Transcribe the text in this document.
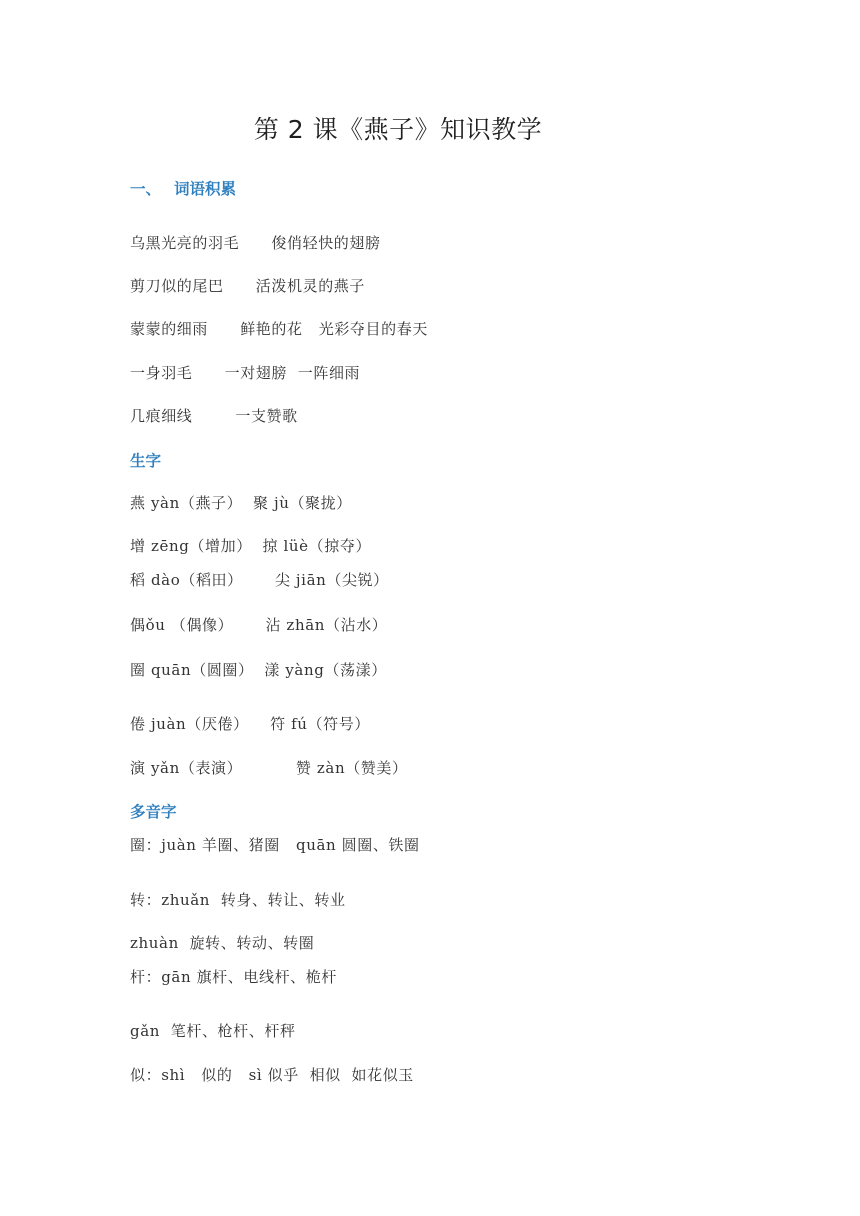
第 2 课《燕子》知识教学
一、 词语积累
乌黑光亮的羽毛      俊俏轻快的翅膀
剪刀似的尾巴      活泼机灵的燕子
蒙蒙的细雨      鲜艳的花   光彩夺目的春天
一身羽毛      一对翅膀  一阵细雨
几痕细线        一支赞歌
生字
燕 yàn（燕子）  聚 jù（聚拢）
增 zēng（增加）  掠 lüè（掠夺）
稻 dào（稻田）      尖 jiān（尖锐）
偶ǒu （偶像）      沾 zhān（沾水）
圈 quān（圆圈）  漾 yàng（荡漾）
倦 juàn（厌倦）    符 fú（符号）
演 yǎn（表演）          赞 zàn（赞美）
多音字
圈：juàn 羊圈、猪圈   quān 圆圈、铁圈
转：zhuǎn  转身、转让、转业
zhuàn  旋转、转动、转圈
杆：gān 旗杆、电线杆、桅杆
gǎn  笔杆、枪杆、杆秤
似：shì   似的   sì 似乎  相似  如花似玉
